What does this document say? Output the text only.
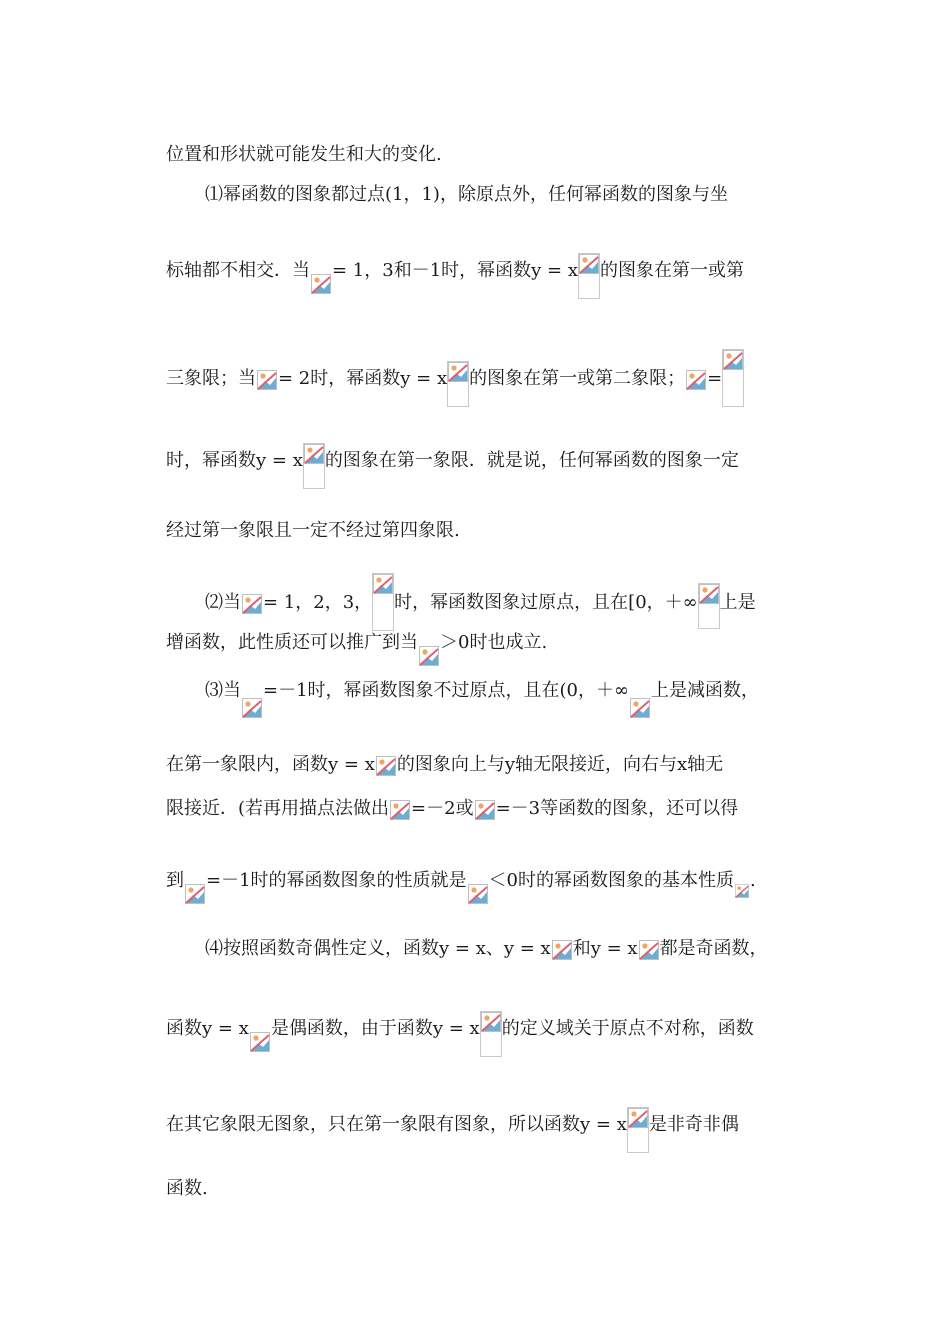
位置和形状就可能发生和大的变化.
⑴幂函数的图象都过点(1，1)，除原点外，任何幂函数的图象与坐
标轴都不相交．当 = 1，3和－1时，幂函数y = x 的图象在第一或第
三象限；当 = 2时，幂函数y = x 的图象在第一或第二象限； =
时，幂函数y = x 的图象在第一象限．就是说，任何幂函数的图象一定
经过第一象限且一定不经过第四象限.
⑵当 = 1，2，3， 时，幂函数图象过原点，且在[0，＋∞ 上是
增函数，此性质还可以推广到当 ＞0时也成立.
⑶当 =－1时，幂函数图象不过原点，且在(0，＋∞ 上是减函数，
在第一象限内，函数y = x 的图象向上与y轴无限接近，向右与x轴无
限接近．(若再用描点法做出 =－2或 =－3等函数的图象，还可以得
到 =－1时的幂函数图象的性质就是 ＜0时的幂函数图象的基本性质 .
⑷按照函数奇偶性定义，函数y = x、y = x 和y = x 都是奇函数，
函数y = x 是偶函数，由于函数y = x 的定义域关于原点不对称，函数
在其它象限无图象，只在第一象限有图象，所以函数y = x 是非奇非偶
函数.
